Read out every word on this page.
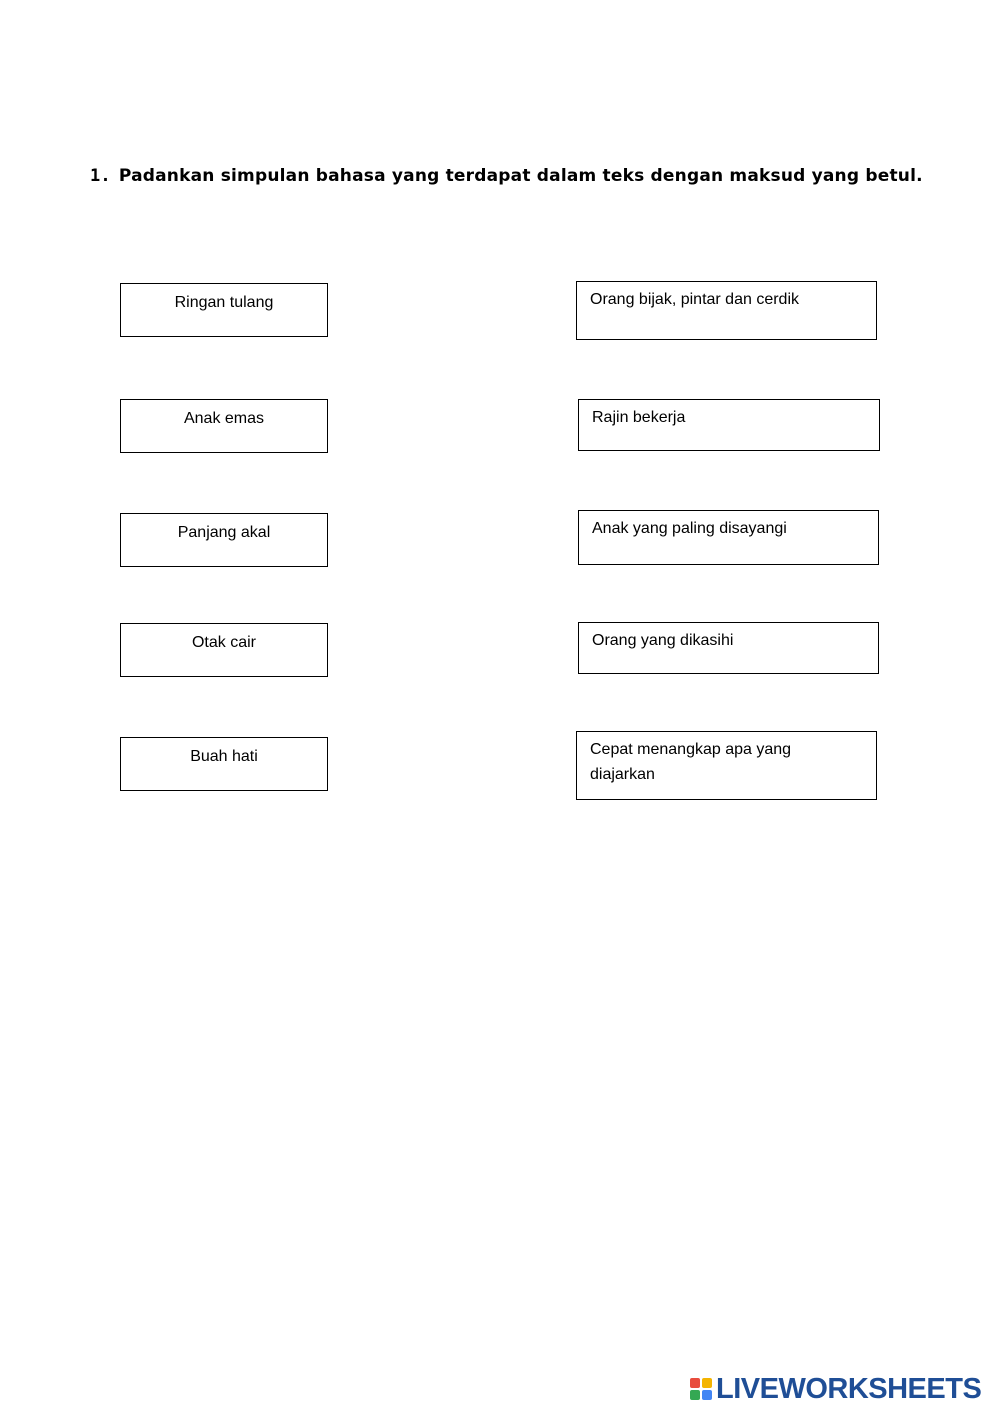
1. Padankan simpulan bahasa yang terdapat dalam teks dengan maksud yang betul.
Ringan tulang
Anak emas
Panjang akal
Otak cair
Buah hati
Orang bijak, pintar dan cerdik
Rajin bekerja
Anak yang paling disayangi
Orang yang dikasihi
Cepat menangkap apa yang diajarkan
LIVEWORKSHEETS
